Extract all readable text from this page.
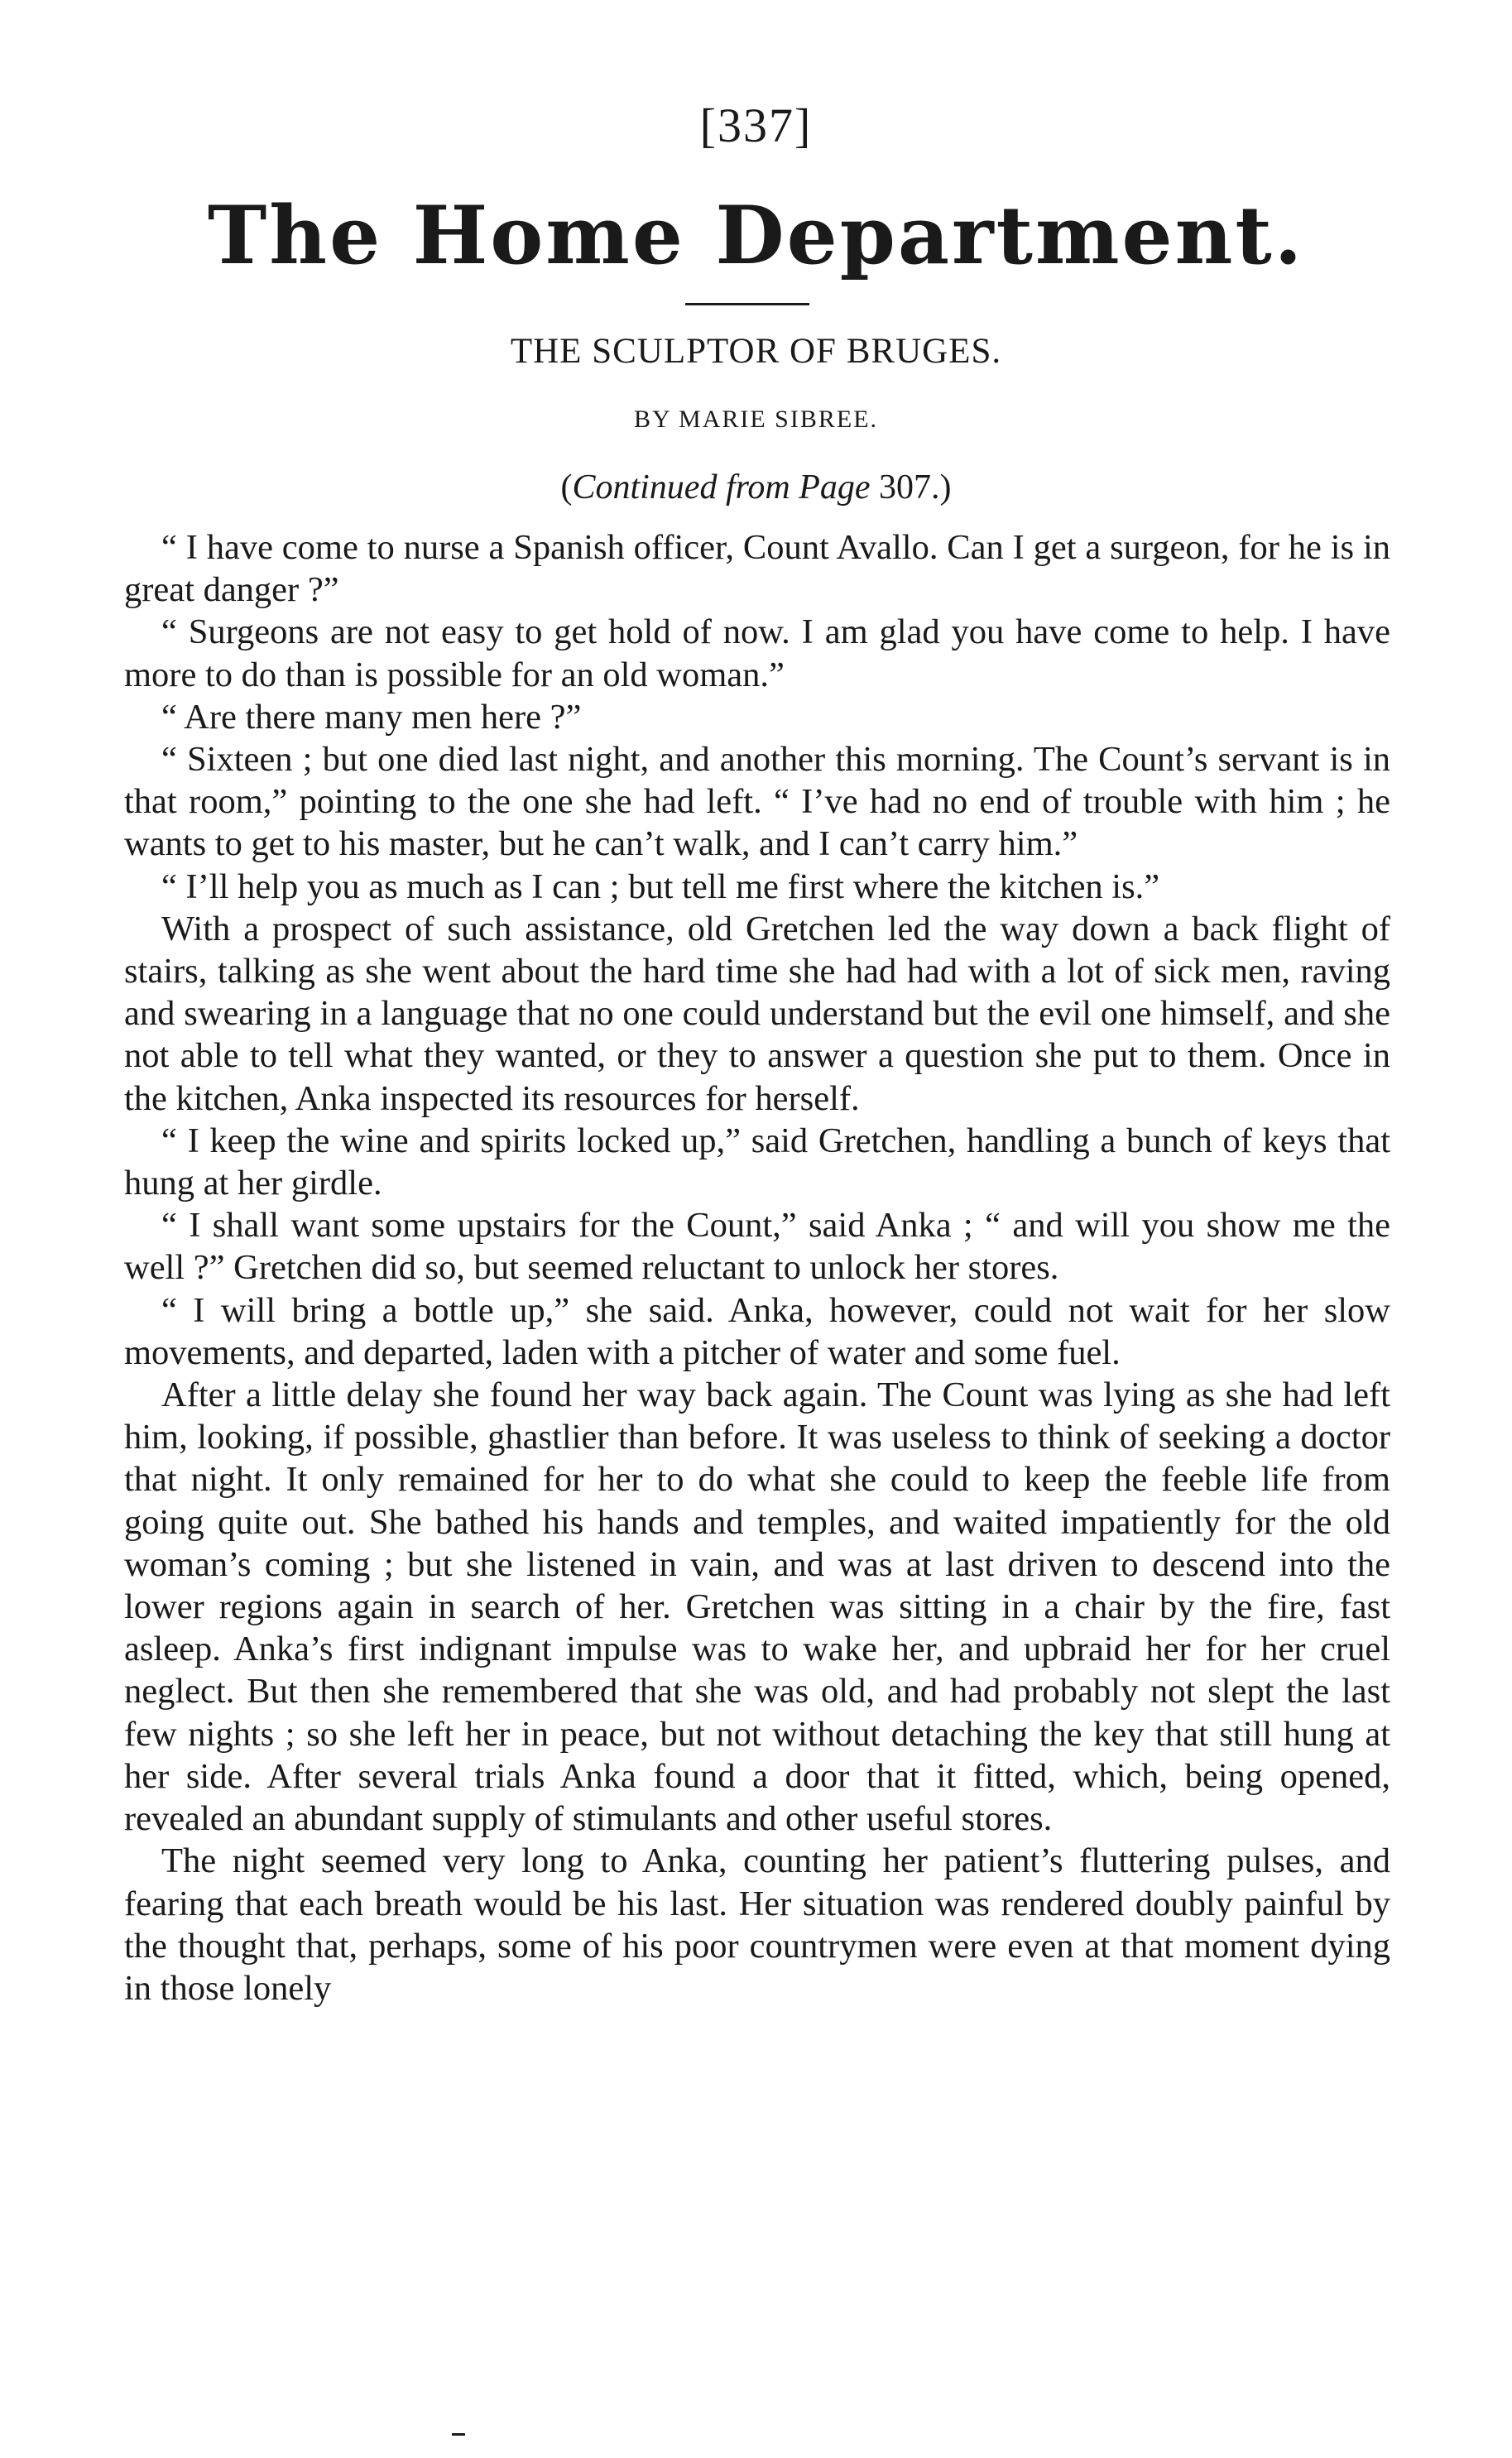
[337]
The Home Department.
THE SCULPTOR OF BRUGES.
BY MARIE SIBREE.
(Continued from Page 307.)

“ I have come to nurse a Spanish officer, Count Avallo. Can I get a surgeon, for he is in great danger ?”

“ Surgeons are not easy to get hold of now. I am glad you have come to help. I have more to do than is possible for an old woman.”

“ Are there many men here ?”

“ Sixteen ; but one died last night, and another this morning. The Count’s servant is in that room,” pointing to the one she had left. “ I’ve had no end of trouble with him ; he wants to get to his master, but he can’t walk, and I can’t carry him.”

“ I’ll help you as much as I can ; but tell me first where the kitchen is.”

With a prospect of such assistance, old Gretchen led the way down a back flight of stairs, talking as she went about the hard time she had had with a lot of sick men, raving and swearing in a language that no one could understand but the evil one himself, and she not able to tell what they wanted, or they to answer a question she put to them. Once in the kitchen, Anka inspected its resources for herself.

“ I keep the wine and spirits locked up,” said Gretchen, handling a bunch of keys that hung at her girdle.

“ I shall want some upstairs for the Count,” said Anka ; “ and will you show me the well ?” Gretchen did so, but seemed reluctant to unlock her stores.

“ I will bring a bottle up,” she said. Anka, however, could not wait for her slow movements, and departed, laden with a pitcher of water and some fuel.

After a little delay she found her way back again. The Count was lying as she had left him, looking, if possible, ghastlier than before. It was useless to think of seeking a doctor that night. It only remained for her to do what she could to keep the feeble life from going quite out. She bathed his hands and temples, and waited impatiently for the old woman’s coming ; but she listened in vain, and was at last driven to descend into the lower regions again in search of her. Gretchen was sitting in a chair by the fire, fast asleep. Anka’s first indignant impulse was to wake her, and upbraid her for her cruel neglect. But then she remembered that she was old, and had probably not slept the last few nights ; so she left her in peace, but not without detaching the key that still hung at her side. After several trials Anka found a door that it fitted, which, being opened, revealed an abundant supply of stimulants and other useful stores.

The night seemed very long to Anka, counting her patient’s fluttering pulses, and fearing that each breath would be his last. Her situation was rendered doubly painful by the thought that, perhaps, some of his poor countrymen were even at that moment dying in those lonely
